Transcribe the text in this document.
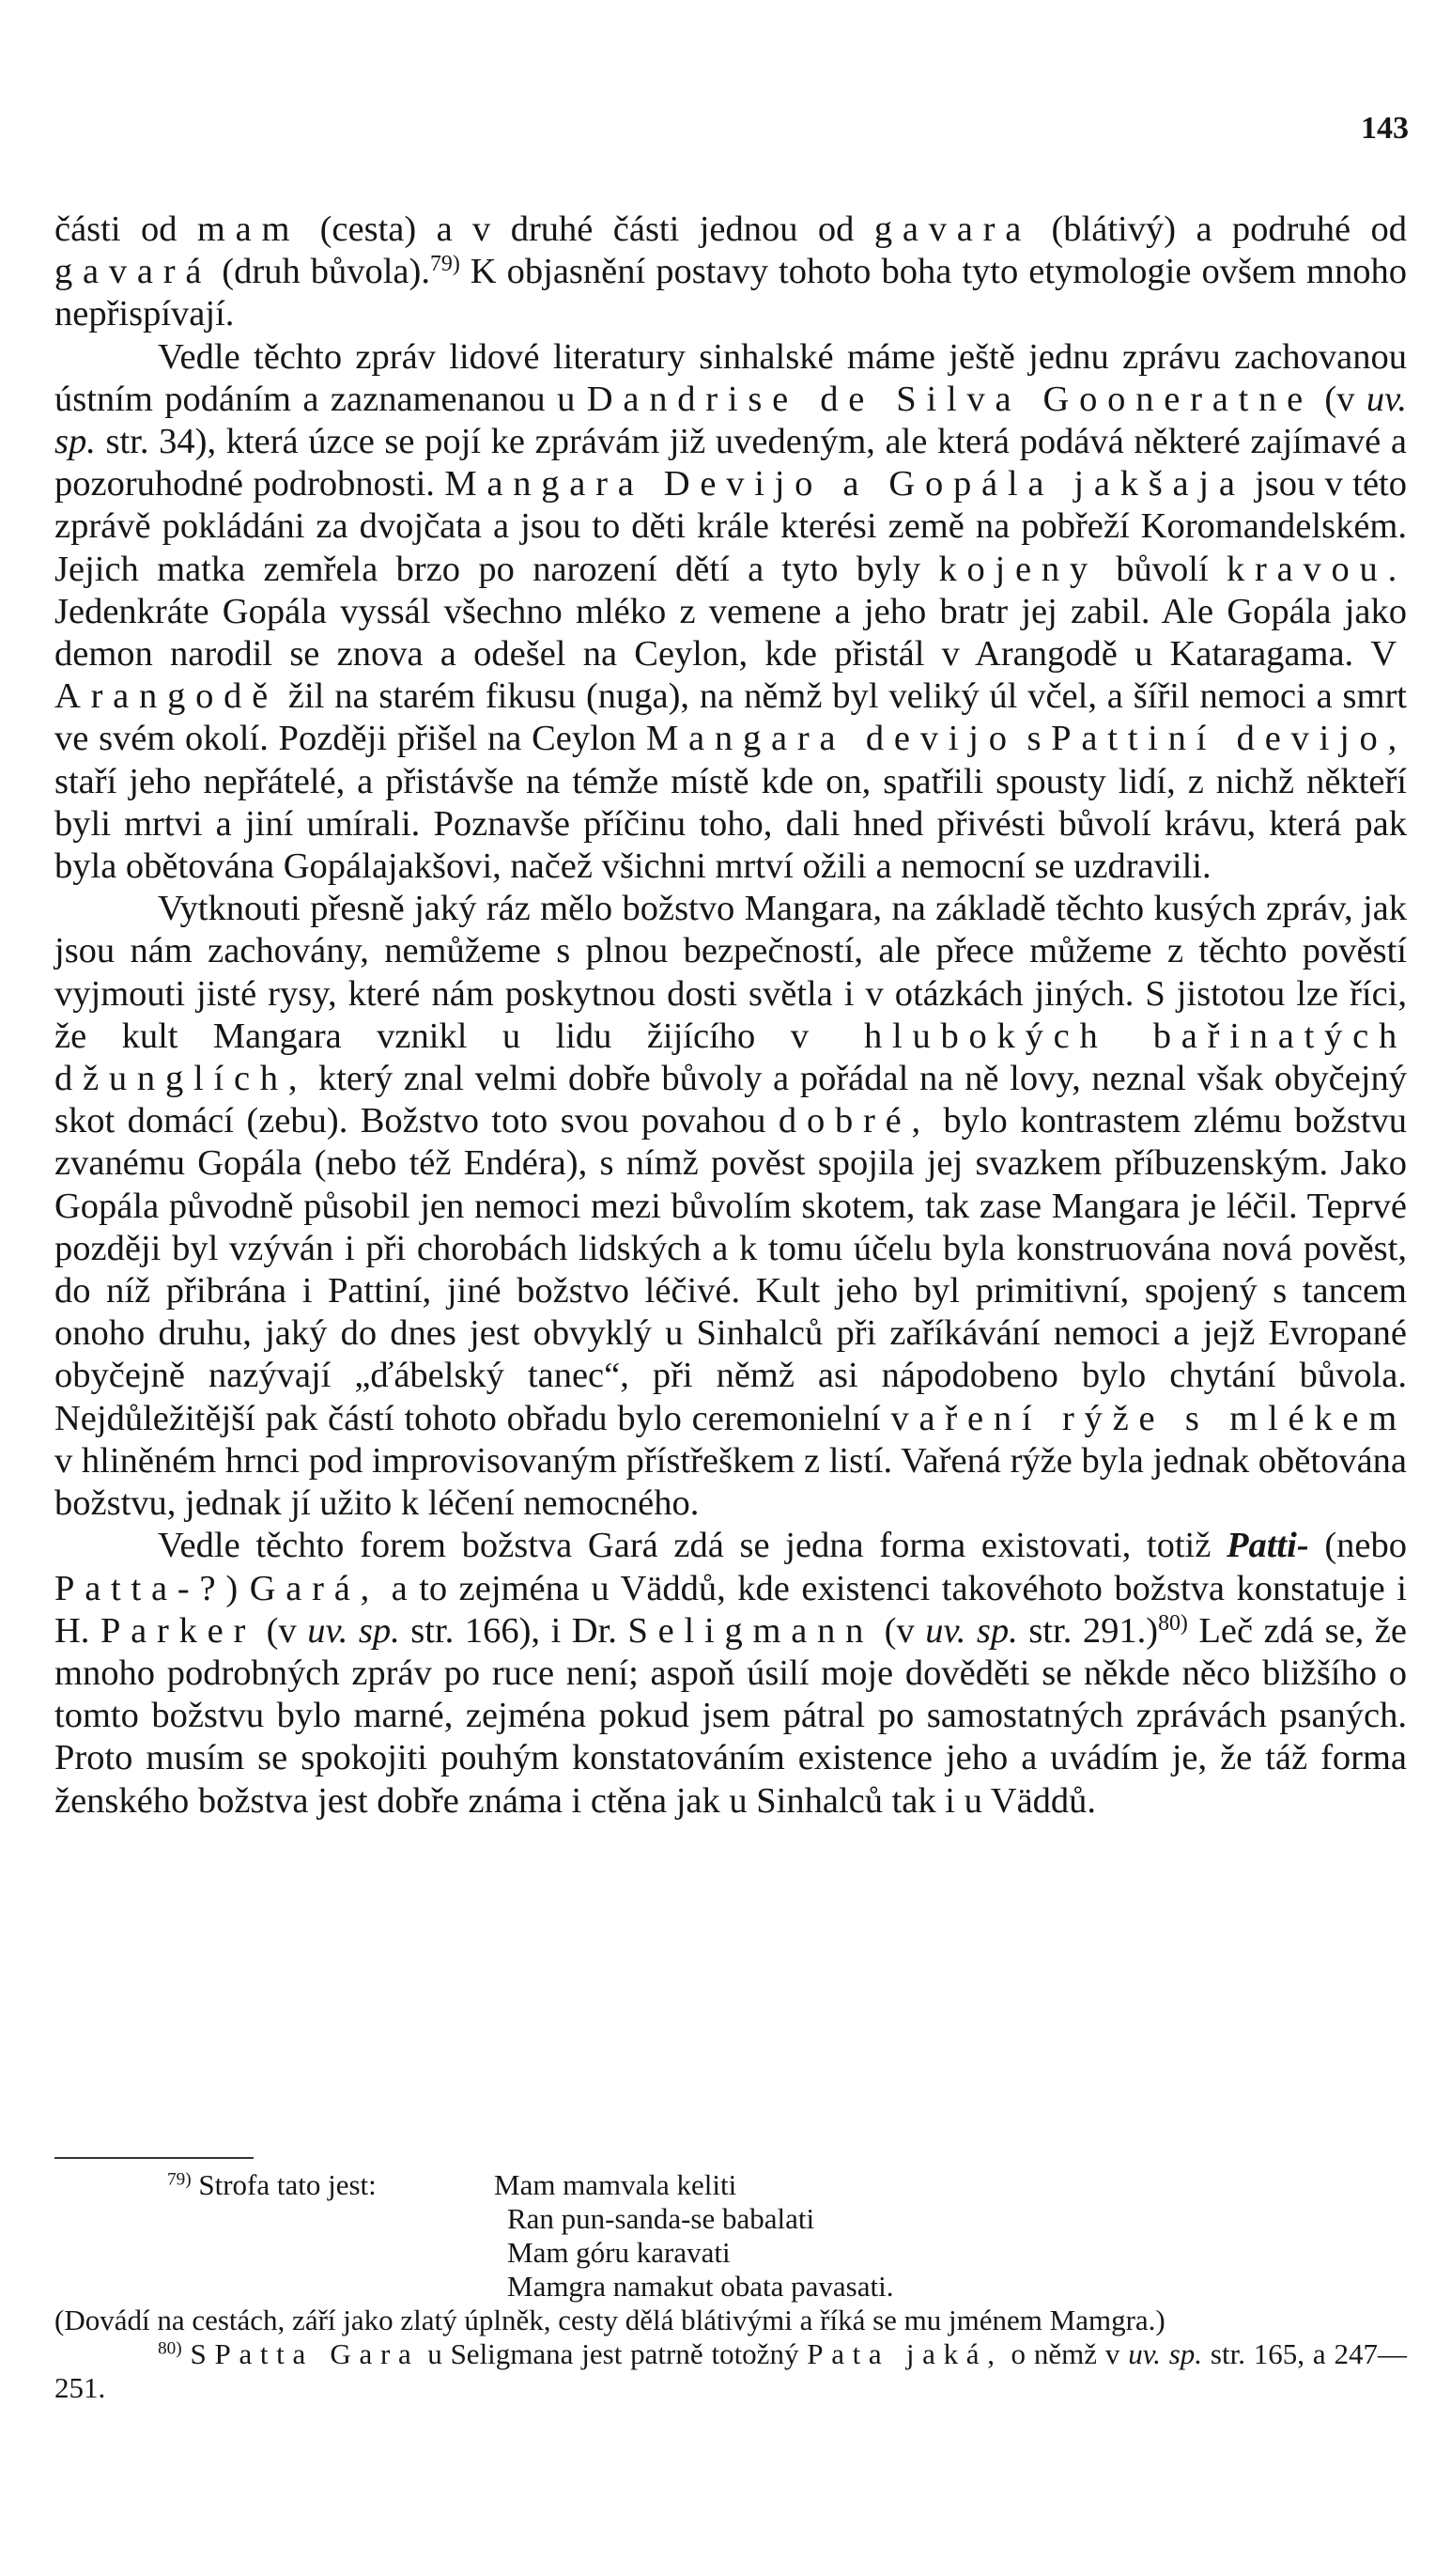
143

části od mam (cesta) a v druhé části jednou od gavara (blátivý) a podruhé od gavará (druh bůvola).$^{79)}$ K objasnění postavy tohoto boha tyto etymologie ovšem mnoho nepřispívají.

Vedle těchto zpráv lidové literatury sinhalské máme ještě jednu zprávu zachovanou ústním podáním a zaznamenanou u Dandrise de Silva Gooneratne (v uv. sp. str. 34), která úzce se pojí ke zprávám již uvedeným, ale která podává některé zajímavé a pozoruhodné podrobnosti. Mangara Devijo a Gopála jakšaja jsou v této zprávě pokládáni za dvojčata a jsou to děti krále kterési země na pobřeží Koromandelském. Jejich matka zemřela brzo po narození dětí a tyto byly kojeny bůvolí kravou. Jedenkráte Gopála vyssál všechno mléko z vemene a jeho bratr jej zabil. Ale Gopála jako demon narodil se znova a odešel na Ceylon, kde přistál v Arangodě u Kataragama. V Arangodě žil na starém fikusu (nuga), na němž byl veliký úl včel, a šířil nemoci a smrt ve svém okolí. Později přišel na Ceylon Mangara devijo s Pattiní devijo, staří jeho nepřátelé, a přistávše na témže místě kde on, spatřili spousty lidí, z nichž někteří byli mrtvi a jiní umírali. Poznavše příčinu toho, dali hned přivésti bůvolí krávu, která pak byla obětována Gopálajakšovi, načež všichni mrtví ožili a nemocní se uzdravili.

Vytknouti přesně jaký ráz mělo božstvo Mangara, na základě těchto kusých zpráv, jak jsou nám zachovány, nemůžeme s plnou bezpečností, ale přece můžeme z těchto pověstí vyjmouti jisté rysy, které nám poskytnou dosti světla i v otázkách jiných. S jistotou lze říci, že kult Mangara vznikl u lidu žijícího v hlubokých bařinatých džunglích, který znal velmi dobře bůvoly a pořádal na ně lovy, neznal však obyčejný skot domácí (zebu). Božstvo toto svou povahou dobré, bylo kontrastem zlému božstvu zvanému Gopála (nebo též Endéra), s nímž pověst spojila jej svazkem příbuzenským. Jako Gopála původně působil jen nemoci mezi bůvolím skotem, tak zase Mangara je léčil. Teprvé později byl vzýván i při chorobách lidských a k tomu účelu byla konstruována nová pověst, do níž přibrána i Pattiní, jiné božstvo léčivé. Kult jeho byl primitivní, spojený s tancem onoho druhu, jaký do dnes jest obvyklý u Sinhalců při zaříkávání nemoci a jejž Evropané obyčejně nazývají „ďábelský tanec“, při němž asi nápodobeno bylo chytání bůvola. Nejdůležitější pak částí tohoto obřadu bylo ceremonielní vaření rýže s mlékem v hliněném hrnci pod improvisovaným přístřeškem z listí. Vařená rýže byla jednak obětována božstvu, jednak jí užito k léčení nemocného.

Vedle těchto forem božstva Gará zdá se jedna forma existovati, totiž Patti- (nebo Patta-?) Gará, a to zejména u Väddů, kde existenci takovéhoto božstva konstatuje i H. Parker (v uv. sp. str. 166), i Dr. Seligmann (v uv. sp. str. 291.)$^{80)}$ Leč zdá se, že mnoho podrobných zpráv po ruce není; aspoň úsilí moje dověděti se někde něco bližšího o tomto božstvu bylo marné, zejména pokud jsem pátral po samostatných zprávách psaných. Proto musím se spokojiti pouhým konstatováním existence jeho a uvádím je, že táž forma ženského božstva jest dobře známa i ctěna jak u Sinhalců tak i u Väddů.

$^{79)}$ Strofa tato jest:	Mam mamvala keliti
Ran pun-sanda-se babalati
Mam góru karavati
Mamgra namakut obata pavasati.

(Dovádí na cestách, září jako zlatý úplněk, cesty dělá blátivými a říká se mu jménem Mamgra.)

$^{80)}$ S Patta Gara u Seligmana jest patrně totožný Pata jaká, o němž v uv. sp. str. 165, a 247—251.
